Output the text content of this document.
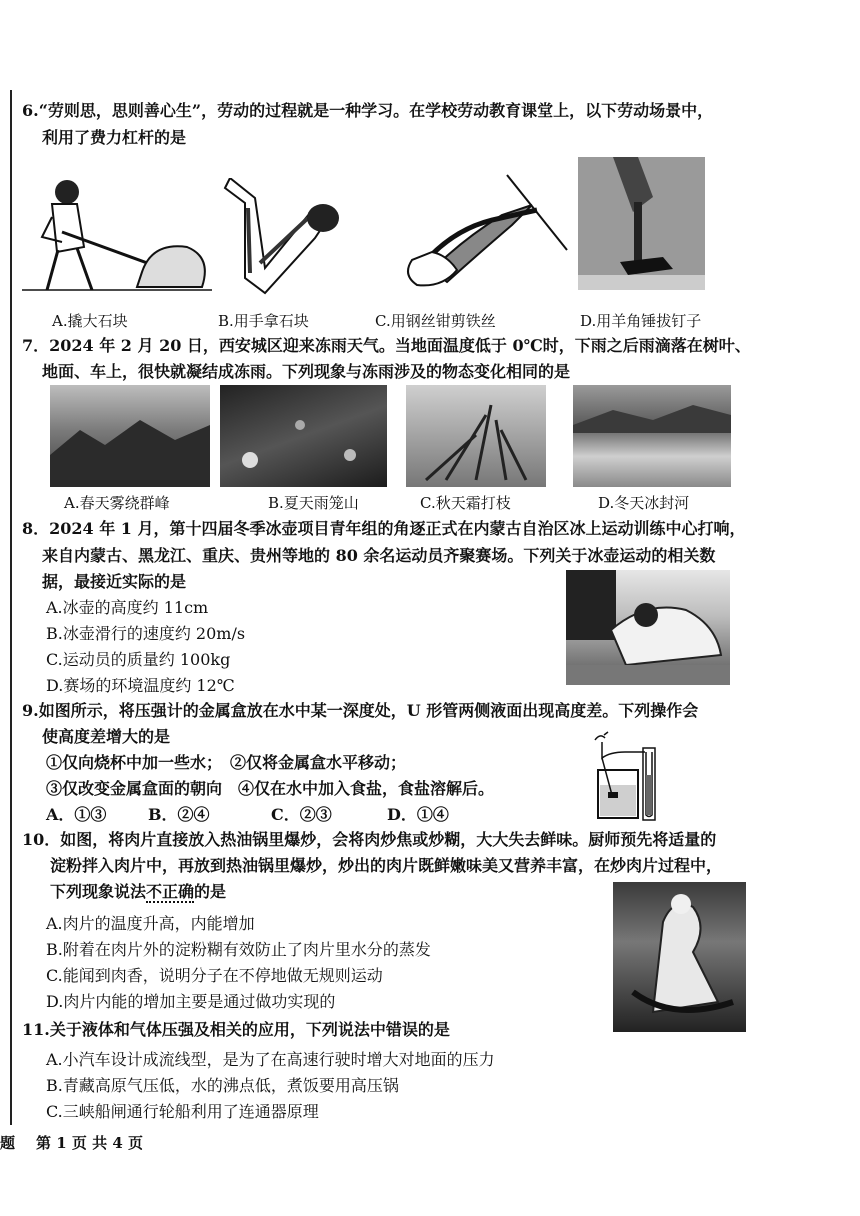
6.“劳则思，思则善心生”，劳动的过程就是一种学习。在学校劳动教育课堂上，以下劳动场景中，
利用了费力杠杆的是
A.撬大石块	B.用手拿石块	C.用钢丝钳剪铁丝	D.用羊角锤拔钉子
7．2024 年 2 月 20 日，西安城区迎来冻雨天气。当地面温度低于 0℃时，下雨之后雨滴落在树叶、
地面、车上，很快就凝结成冻雨。下列现象与冻雨涉及的物态变化相同的是
A.春天雾绕群峰	B.夏天雨笼山	C.秋天霜打枝	D.冬天冰封河
8．2024 年 1 月，第十四届冬季冰壶项目青年组的角逐正式在内蒙古自治区冰上运动训练中心打响，
来自内蒙古、黑龙江、重庆、贵州等地的 80 余名运动员齐聚赛场。下列关于冰壶运动的相关数
据，最接近实际的是
A.冰壶的高度约 11cm
B.冰壶滑行的速度约 20m/s
C.运动员的质量约 100kg
D.赛场的环境温度约 12℃
9.如图所示，将压强计的金属盒放在水中某一深度处，U 形管两侧液面出现高度差。下列操作会
使高度差增大的是
①仅向烧杯中加一些水；　②仅将金属盒水平移动；
③仅改变金属盒面的朝向　④仅在水中加入食盐，食盐溶解后。
A．①③	B．②④	C．②③	D．①④
10．如图，将肉片直接放入热油锅里爆炒，会将肉炒焦或炒糊，大大失去鲜味。厨师预先将适量的
淀粉拌入肉片中，再放到热油锅里爆炒，炒出的肉片既鲜嫩味美又营养丰富，在炒肉片过程中，
下列现象说法不正确的是
A.肉片的温度升高，内能增加
B.附着在肉片外的淀粉糊有效防止了肉片里水分的蒸发
C.能闻到肉香，说明分子在不停地做无规则运动
D.肉片内能的增加主要是通过做功实现的
11.关于液体和气体压强及相关的应用，下列说法中错误的是
A.小汽车设计成流线型，是为了在高速行驶时增大对地面的压力
B.青藏高原气压低，水的沸点低，煮饭要用高压锅
C.三峡船闸通行轮船利用了连通器原理
题 第 1 页 共 4 页
